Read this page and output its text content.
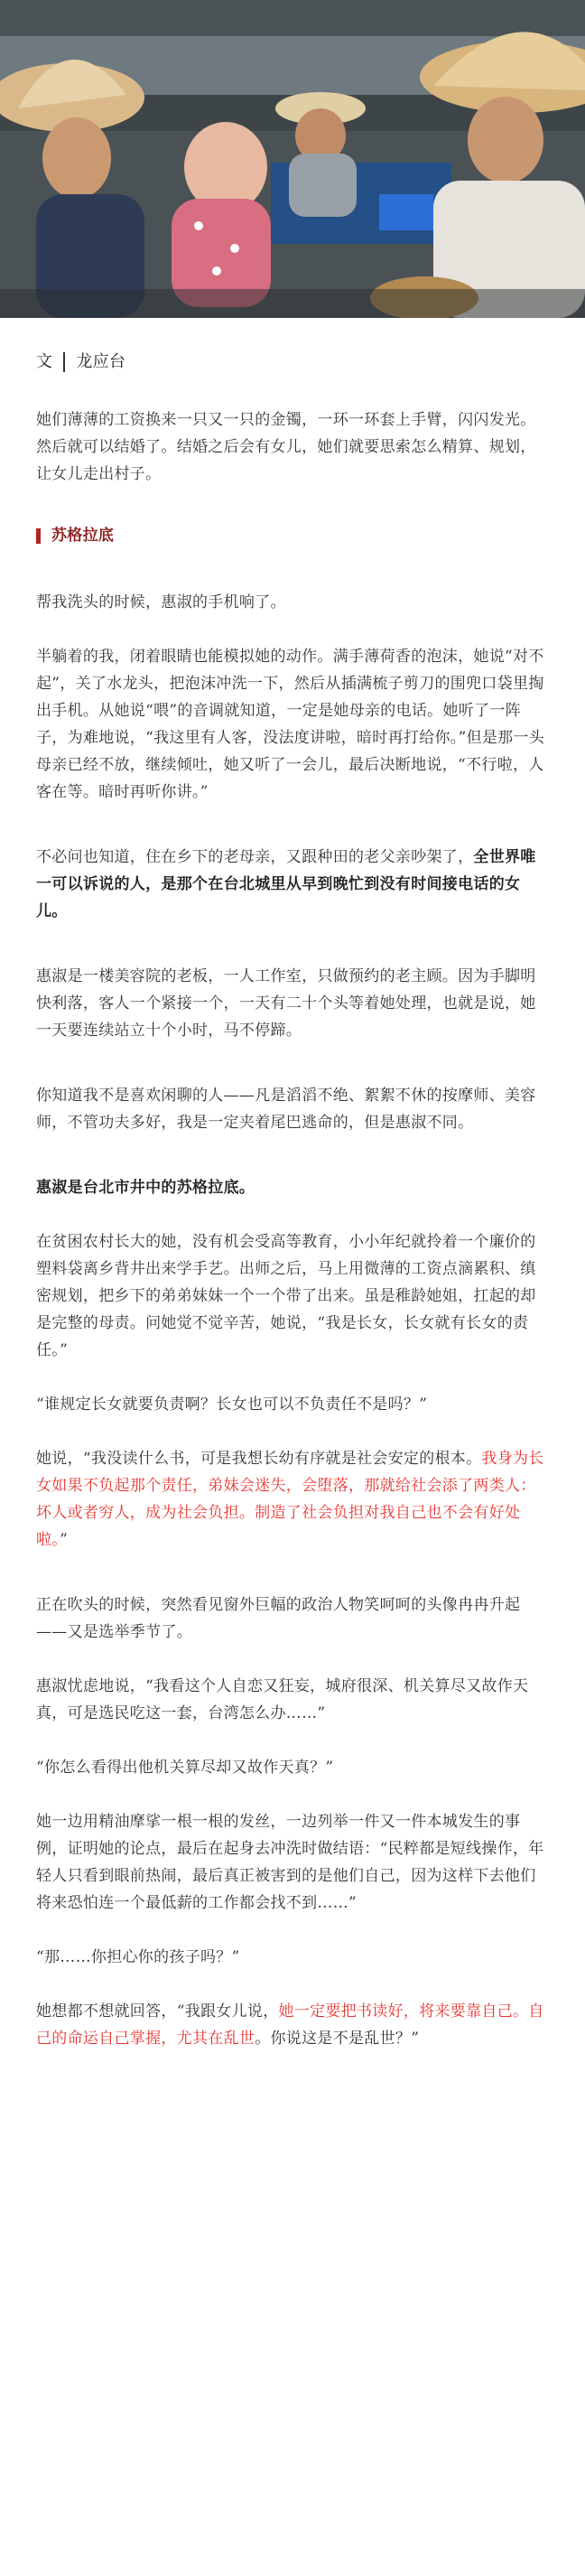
文 龙应台

她们薄薄的工资换来一只又一只的金镯，一环一环套上手臂，闪闪发光。然后就可以结婚了。结婚之后会有女儿，她们就要思索怎么精算、规划，让女儿走出村子。

苏格拉底

帮我洗头的时候，惠淑的手机响了。

半躺着的我，闭着眼睛也能模拟她的动作。满手薄荷香的泡沫，她说“对不起”，关了水龙头，把泡沫冲洗一下，然后从插满梳子剪刀的围兜口袋里掏出手机。从她说“喂”的音调就知道，一定是她母亲的电话。她听了一阵子，为难地说，“我这里有人客，没法度讲啦，暗时再打给你。”但是那一头母亲已经不放，继续倾吐，她又听了一会儿，最后决断地说，“不行啦，人客在等。暗时再听你讲。”

不必问也知道，住在乡下的老母亲，又跟种田的老父亲吵架了，全世界唯一可以诉说的人，是那个在台北城里从早到晚忙到没有时间接电话的女儿。

惠淑是一楼美容院的老板，一人工作室，只做预约的老主顾。因为手脚明快利落，客人一个紧接一个，一天有二十个头等着她处理，也就是说，她一天要连续站立十个小时，马不停蹄。

你知道我不是喜欢闲聊的人——凡是滔滔不绝、絮絮不休的按摩师、美容师，不管功夫多好，我是一定夹着尾巴逃命的，但是惠淑不同。

惠淑是台北市井中的苏格拉底。

在贫困农村长大的她，没有机会受高等教育，小小年纪就拎着一个廉价的塑料袋离乡背井出来学手艺。出师之后，马上用微薄的工资点滴累积、缜密规划，把乡下的弟弟妹妹一个一个带了出来。虽是稚龄她姐，扛起的却是完整的母责。问她觉不觉辛苦，她说，“我是长女，长女就有长女的责任。”

“谁规定长女就要负责啊？长女也可以不负责任不是吗？”

她说，“我没读什么书，可是我想长幼有序就是社会安定的根本。我身为长女如果不负起那个责任，弟妹会迷失，会堕落，那就给社会添了两类人：坏人或者穷人，成为社会负担。制造了社会负担对我自己也不会有好处啦。”

正在吹头的时候，突然看见窗外巨幅的政治人物笑呵呵的头像冉冉升起——又是选举季节了。

惠淑忧虑地说，“我看这个人自恋又狂妄，城府很深、机关算尽又故作天真，可是选民吃这一套，台湾怎么办……”

“你怎么看得出他机关算尽却又故作天真？”

她一边用精油摩挲一根一根的发丝，一边列举一件又一件本城发生的事例，证明她的论点，最后在起身去冲洗时做结语：“民粹都是短线操作，年轻人只看到眼前热闹，最后真正被害到的是他们自己，因为这样下去他们将来恐怕连一个最低薪的工作都会找不到……”

“那……你担心你的孩子吗？”

她想都不想就回答，“我跟女儿说，她一定要把书读好，将来要靠自己。自己的命运自己掌握，尤其在乱世。你说这是不是乱世？”
